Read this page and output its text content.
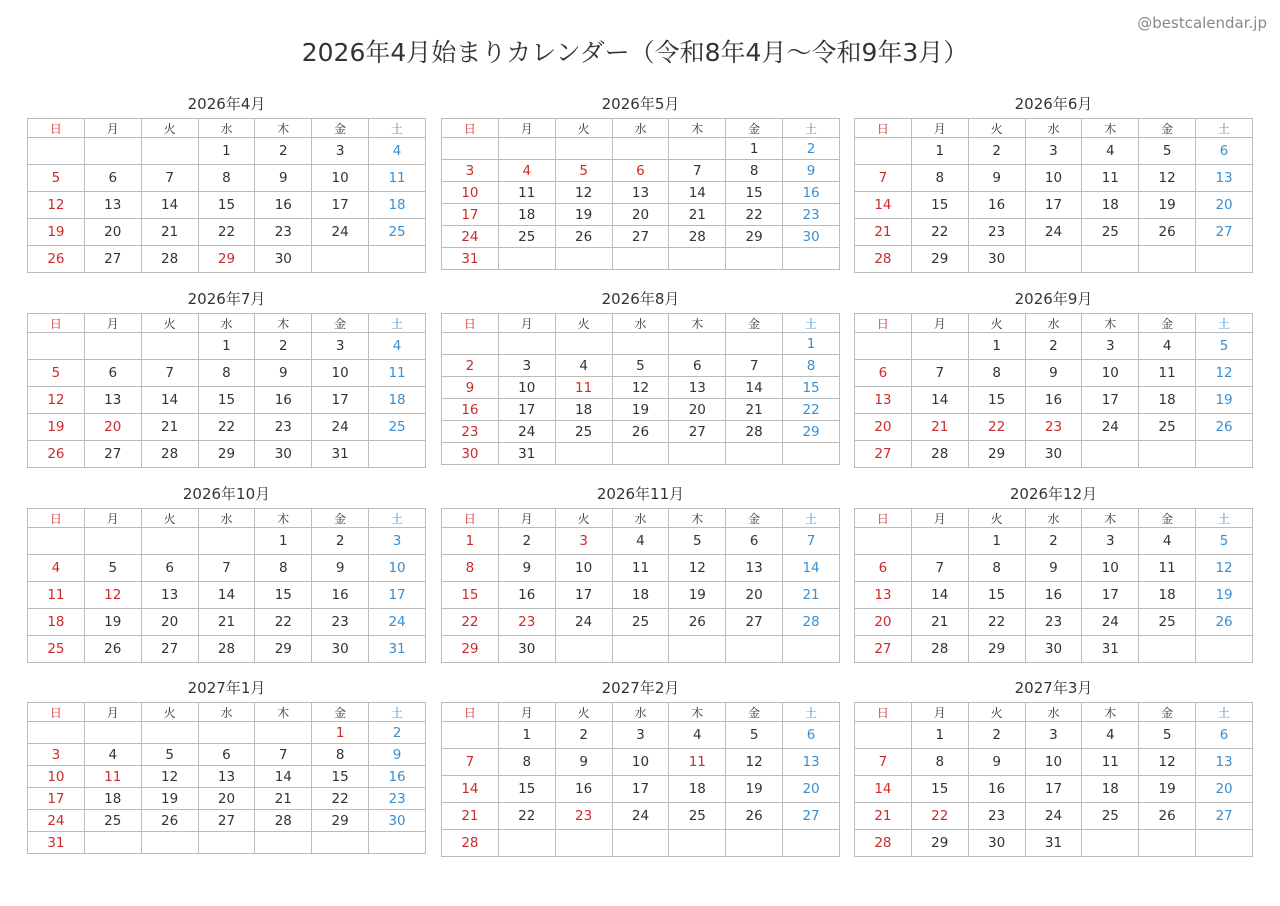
@bestcalendar.jp
2026年4月始まりカレンダー（令和8年4月〜令和9年3月）
2026年4月
日	月	火	水	木	金	土
			1	2	3	4
5	6	7	8	9	10	11
12	13	14	15	16	17	18
19	20	21	22	23	24	25
26	27	28	29	30		
2026年5月
日	月	火	水	木	金	土
					1	2
3	4	5	6	7	8	9
10	11	12	13	14	15	16
17	18	19	20	21	22	23
24	25	26	27	28	29	30
31						
2026年6月
日	月	火	水	木	金	土
	1	2	3	4	5	6
7	8	9	10	11	12	13
14	15	16	17	18	19	20
21	22	23	24	25	26	27
28	29	30				
2026年7月
日	月	火	水	木	金	土
			1	2	3	4
5	6	7	8	9	10	11
12	13	14	15	16	17	18
19	20	21	22	23	24	25
26	27	28	29	30	31	
2026年8月
日	月	火	水	木	金	土
						1
2	3	4	5	6	7	8
9	10	11	12	13	14	15
16	17	18	19	20	21	22
23	24	25	26	27	28	29
30	31					
2026年9月
日	月	火	水	木	金	土
		1	2	3	4	5
6	7	8	9	10	11	12
13	14	15	16	17	18	19
20	21	22	23	24	25	26
27	28	29	30			
2026年10月
日	月	火	水	木	金	土
				1	2	3
4	5	6	7	8	9	10
11	12	13	14	15	16	17
18	19	20	21	22	23	24
25	26	27	28	29	30	31
2026年11月
日	月	火	水	木	金	土
1	2	3	4	5	6	7
8	9	10	11	12	13	14
15	16	17	18	19	20	21
22	23	24	25	26	27	28
29	30					
2026年12月
日	月	火	水	木	金	土
		1	2	3	4	5
6	7	8	9	10	11	12
13	14	15	16	17	18	19
20	21	22	23	24	25	26
27	28	29	30	31		
2027年1月
日	月	火	水	木	金	土
					1	2
3	4	5	6	7	8	9
10	11	12	13	14	15	16
17	18	19	20	21	22	23
24	25	26	27	28	29	30
31						
2027年2月
日	月	火	水	木	金	土
	1	2	3	4	5	6
7	8	9	10	11	12	13
14	15	16	17	18	19	20
21	22	23	24	25	26	27
28						
2027年3月
日	月	火	水	木	金	土
	1	2	3	4	5	6
7	8	9	10	11	12	13
14	15	16	17	18	19	20
21	22	23	24	25	26	27
28	29	30	31			
